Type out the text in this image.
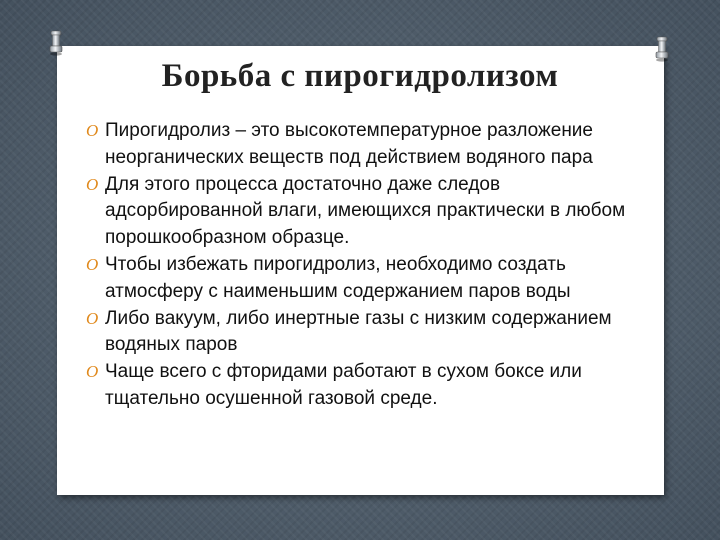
Борьба с пирогидролизом
O Пирогидролиз – это высокотемпературное разложение неорганических веществ под действием водяного пара
O Для этого процесса достаточно даже следов адсорбированной влаги, имеющихся практически в любом порошкообразном образце.
O Чтобы избежать пирогидролиз, необходимо создать атмосферу с наименьшим содержанием паров воды
O Либо вакуум, либо инертные газы с низким содержанием водяных паров
O Чаще всего с фторидами работают в сухом боксе или тщательно осушенной газовой среде.
